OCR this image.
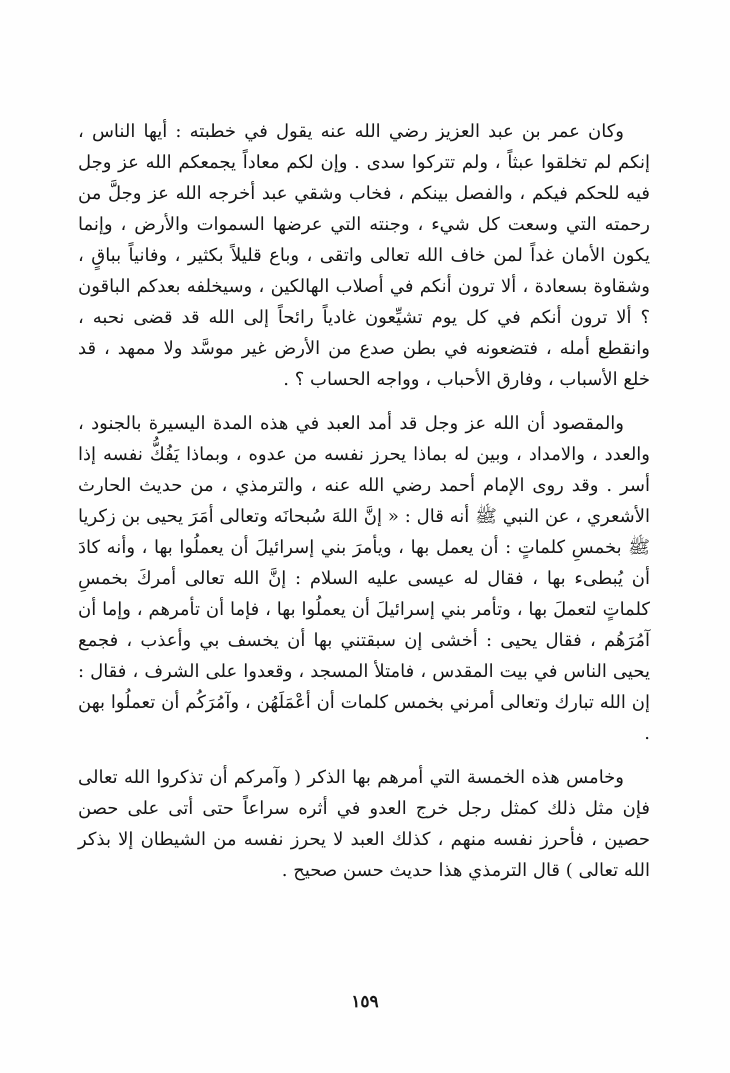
وكان عمر بن عبد العزيز رضي الله عنه يقول في خطبته : أيها الناس ، إنكم لم تخلقوا عبثاً ، ولم تتركوا سدى . وإن لكم معاداً يجمعكم الله عز وجل فيه للحكم فيكم ، والفصل بينكم ، فخاب وشقي عبد أخرجه الله عز وجلَّ من رحمته التي وسعت كل شيء ، وجنته التي عرضها السموات والأرض ، وإنما يكون الأمان غداً لمن خاف الله تعالى واتقى ، وباع قليلاً بكثير ، وفانياً بباقٍ ، وشقاوة بسعادة ، ألا ترون أنكم في أصلاب الهالكين ، وسيخلفه بعدكم الباقون ؟ ألا ترون أنكم في كل يوم تشيِّعون غادياً رائحاً إلى الله قد قضى نحبه ، وانقطع أمله ، فتضعونه في بطن صدع من الأرض غير موسَّد ولا ممهد ، قد خلع الأسباب ، وفارق الأحباب ، وواجه الحساب ؟ .

والمقصود أن الله عز وجل قد أمد العبد في هذه المدة اليسيرة بالجنود ، والعدد ، والامداد ، وبين له بماذا يحرز نفسه من عدوه ، وبماذا يَفُكُّ نفسه إذا أسر . وقد روى الإمام أحمد رضي الله عنه ، والترمذي ، من حديث الحارث الأشعري ، عن النبي ﷺ أنه قال : « إنَّ اللهَ سُبحانَه وتعالى أمَرَ يحيى بن زكريا ﷺ بخمسِ كلماتٍ : أن يعمل بها ، ويأمرَ بني إسرائيلَ أن يعملُوا بها ، وأنه كادَ أن يُبطىء بها ، فقال له عيسى عليه السلام : إنَّ الله تعالى أمركَ بخمسِ كلماتٍ لتعملَ بها ، وتأمر بني إسرائيلَ أن يعملُوا بها ، فإما أن تأمرهم ، وإما أن آمُرَهُم ، فقال يحيى : أخشى إن سبقتني بها أن يخسف بي وأعذب ، فجمع يحيى الناس في بيت المقدس ، فامتلأ المسجد ، وقعدوا على الشرف ، فقال : إن الله تبارك وتعالى أمرني بخمس كلمات أن أعْمَلَهُن ، وآمُرَكُم أن تعملُوا بهن .

وخامس هذه الخمسة التي أمرهم بها الذكر ( وآمركم أن تذكروا الله تعالى فإن مثل ذلك كمثل رجل خرج العدو في أثره سراعاً حتى أتى على حصن حصين ، فأحرز نفسه منهم ، كذلك العبد لا يحرز نفسه من الشيطان إلا بذكر الله تعالى ) قال الترمذي هذا حديث حسن صحيح .

١٥٩
